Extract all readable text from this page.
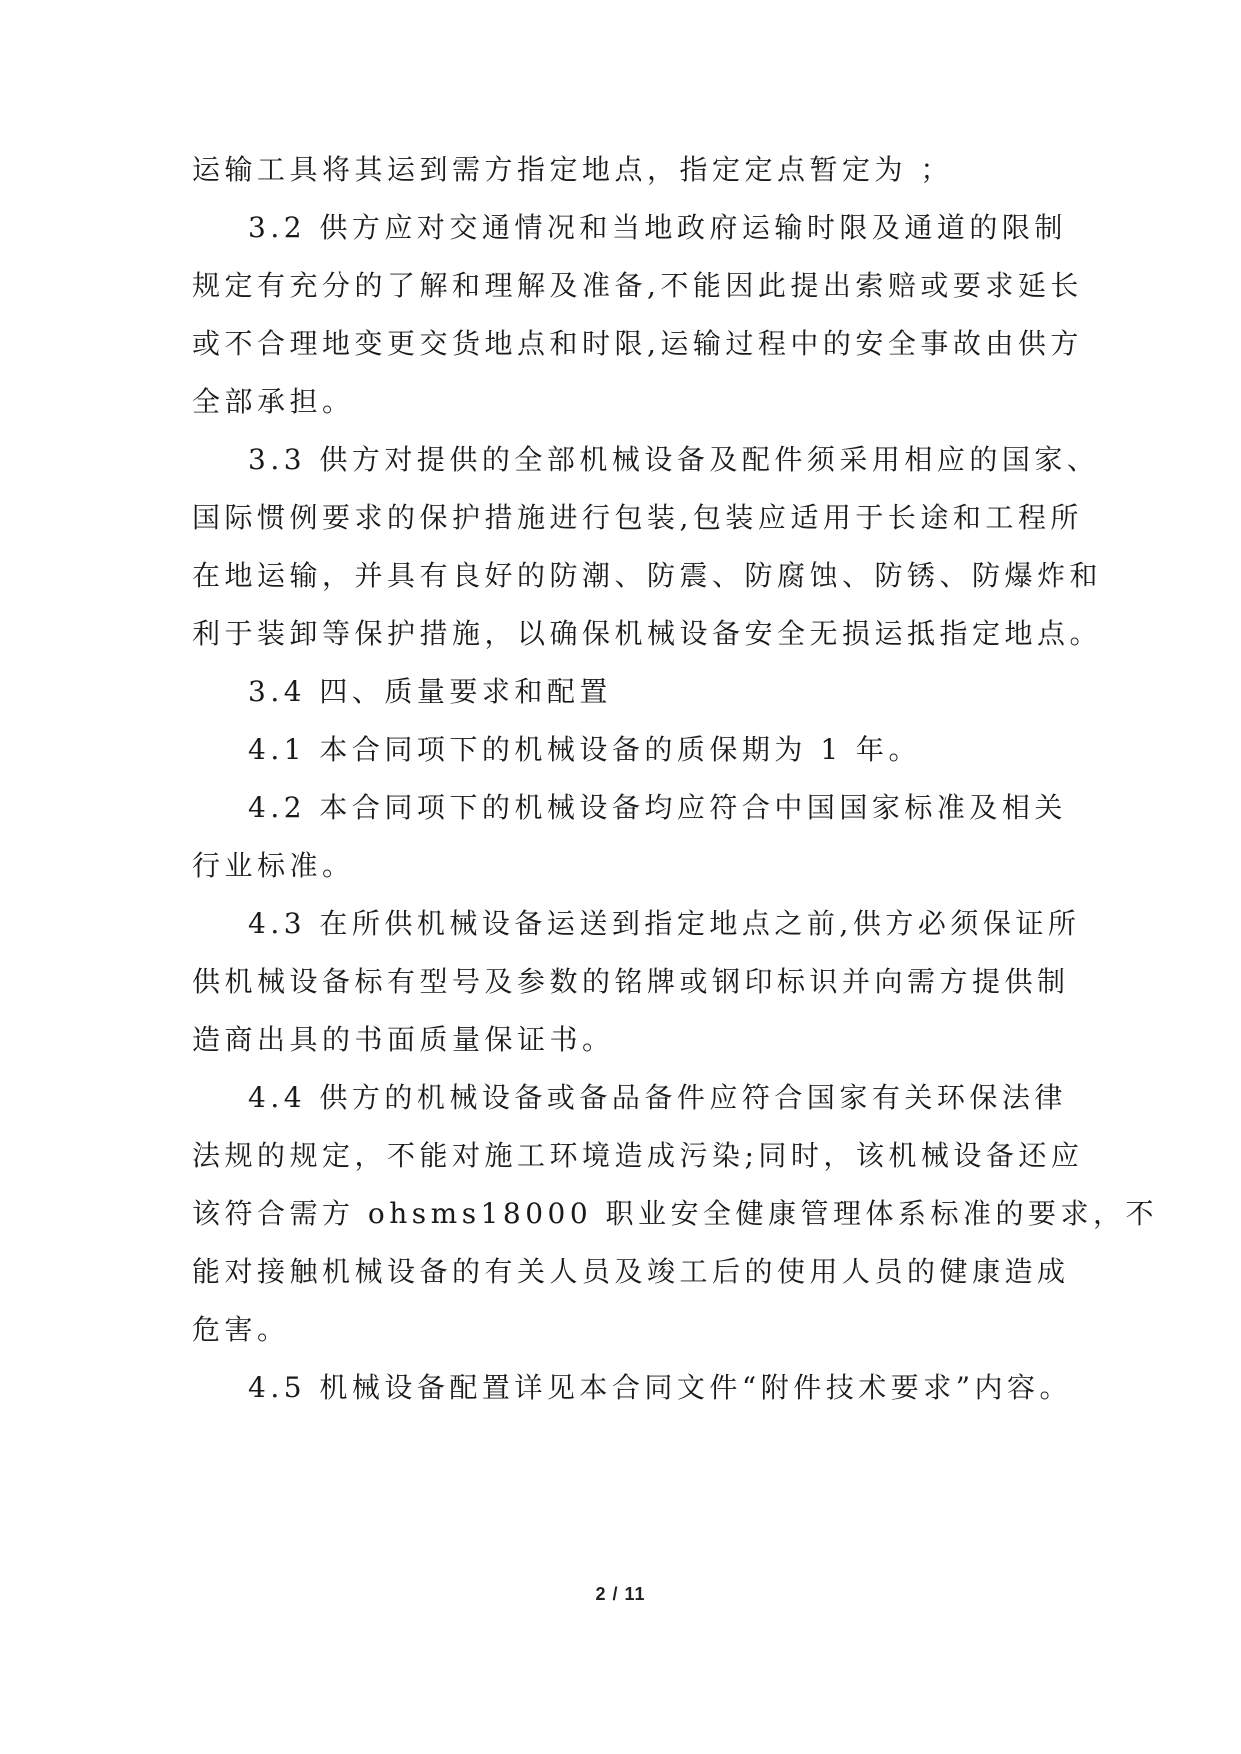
运输工具将其运到需方指定地点，指定定点暂定为 ；

3.2 供方应对交通情况和当地政府运输时限及通道的限制

规定有充分的了解和理解及准备,不能因此提出索赔或要求延长

或不合理地变更交货地点和时限,运输过程中的安全事故由供方

全部承担。

3.3 供方对提供的全部机械设备及配件须采用相应的国家、

国际惯例要求的保护措施进行包装,包装应适用于长途和工程所

在地运输，并具有良好的防潮、防震、防腐蚀、防锈、防爆炸和

利于装卸等保护措施，以确保机械设备安全无损运抵指定地点。

3.4 四、质量要求和配置

4.1 本合同项下的机械设备的质保期为 1 年。

4.2 本合同项下的机械设备均应符合中国国家标准及相关

行业标准。

4.3 在所供机械设备运送到指定地点之前,供方必须保证所

供机械设备标有型号及参数的铭牌或钢印标识并向需方提供制

造商出具的书面质量保证书。

4.4 供方的机械设备或备品备件应符合国家有关环保法律

法规的规定，不能对施工环境造成污染;同时，该机械设备还应

该符合需方 ohsms18000 职业安全健康管理体系标准的要求，不

能对接触机械设备的有关人员及竣工后的使用人员的健康造成

危害。

4.5 机械设备配置详见本合同文件“附件技术要求”内容。

2 / 11
